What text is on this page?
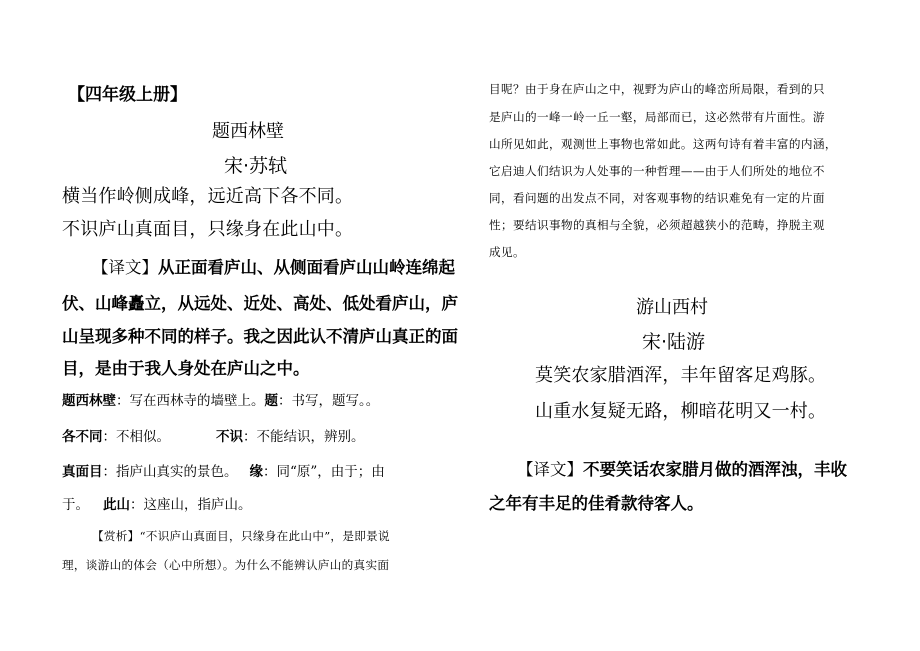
【四年级上册】
题西林壁
宋·苏轼
横当作岭侧成峰，远近高下各不同。
不识庐山真面目，只缘身在此山中。
【译文】从正面看庐山、从侧面看庐山山岭连绵起
伏、山峰矗立，从远处、近处、高处、低处看庐山，庐
山呈现多种不同的样子。我之因此认不清庐山真正的面
目，是由于我人身处在庐山之中。
题西林壁：写在西林寺的墙壁上。题：书写，题写。。
各不同：不相似。	不识：不能结识，辨别。
真面目：指庐山真实的景色。 缘：同“原”，由于；由
于。 此山：这座山，指庐山。
【赏析】“不识庐山真面目，只缘身在此山中”，是即景说
理，谈游山的体会（心中所想）。为什么不能辨认庐山的真实面
目呢？由于身在庐山之中，视野为庐山的峰峦所局限，看到的只
是庐山的一峰一岭一丘一壑，局部而已，这必然带有片面性。游
山所见如此，观测世上事物也常如此。这两句诗有着丰富的内涵，
它启迪人们结识为人处事的一种哲理——由于人们所处的地位不
同，看问题的出发点不同，对客观事物的结识难免有一定的片面
性；要结识事物的真相与全貌，必须超越狭小的范畴，挣脱主观
成见。
游山西村
宋·陆游
莫笑农家腊酒浑，丰年留客足鸡豚。
山重水复疑无路，柳暗花明又一村。
【译文】不要笑话农家腊月做的酒浑浊，丰收
之年有丰足的佳肴款待客人。
